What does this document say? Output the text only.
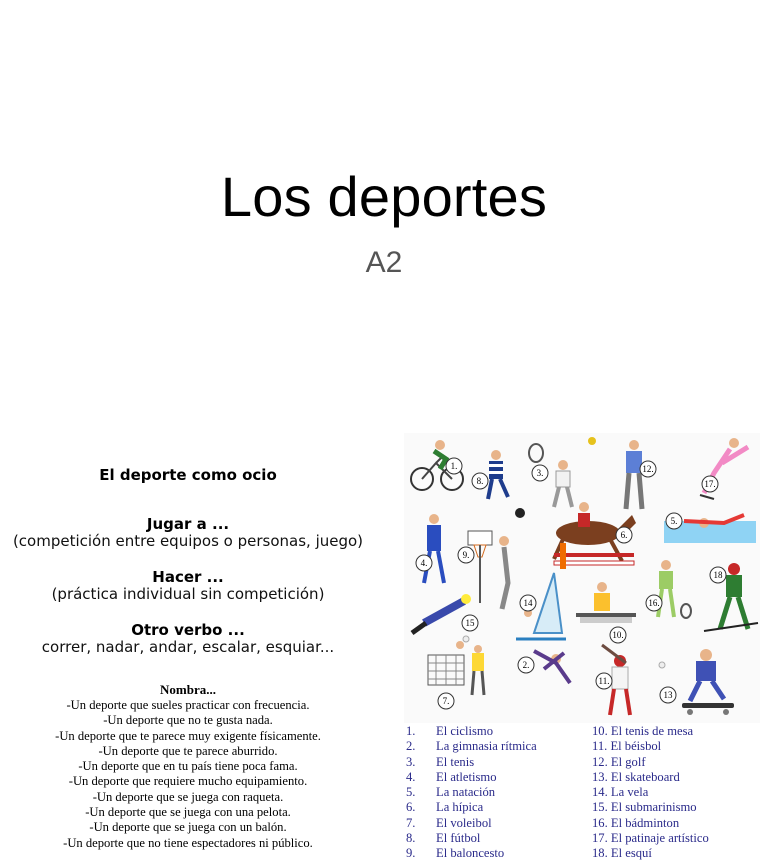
Los deportes
A2
El deporte como ocio
Jugar a ...
(competición entre equipos o personas, juego)
Hacer ...
(práctica individual sin competición)
Otro verbo ...
correr, nadar, andar, escalar, esquiar...
Nombra...
-Un deporte que sueles practicar con frecuencia.
-Un deporte que no te gusta nada.
-Un deporte que te parece muy exigente físicamente.
-Un deporte que te parece aburrido.
-Un deporte que en tu país tiene poca fama.
-Un deporte que requiere mucho equipamiento.
-Un deporte que se juega con raqueta.
-Un deporte que se juega con una pelota.
-Un deporte que se juega con un balón.
-Un deporte que no tiene espectadores ni público.
1.
2.
3.
4.
5.
6.
7.
8.
9.
10.
11.
12.
13
14
15
16.
17.
18
1. El ciclismo
2. La gimnasia rítmica
3. El tenis
4. El atletismo
5. La natación
6. La hípica
7. El voleibol
8. El fútbol
9. El baloncesto
10. El tenis de mesa
11. El béisbol
12. El golf
13. El skateboard
14. La vela
15. El submarinismo
16. El bádminton
17. El patinaje artístico
18. El esquí
